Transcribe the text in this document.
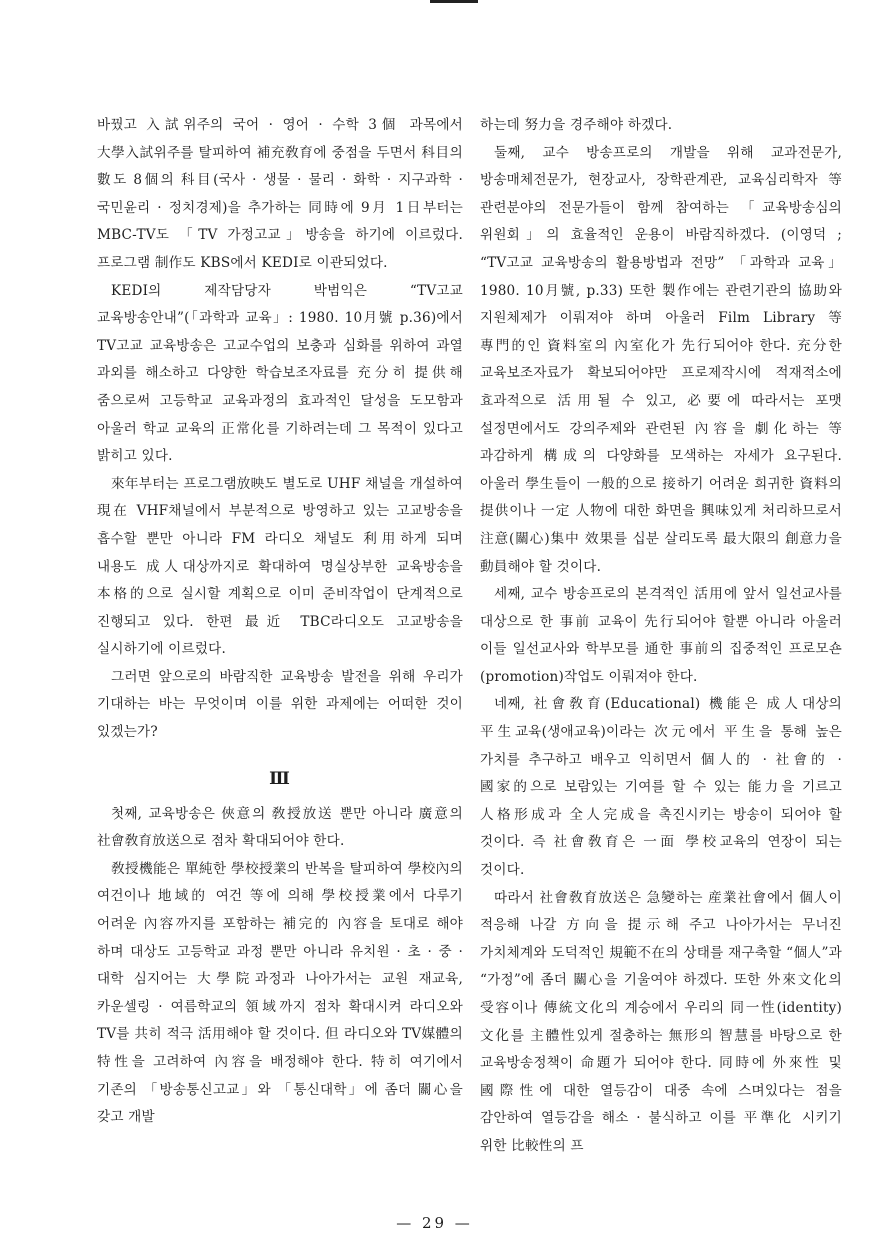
바꿨고 入試위주의 국어 · 영어 · 수학 3個 과목에서 大學入試위주를 탈피하여 補充敎育에 중점을 두면서 科目의 數도 8個의 科目(국사 · 생물 · 물리 · 화학 · 지구과학 · 국민윤리 · 정치경제)을 추가하는 同時에 9月 1日부터는 MBC-TV도 「TV 가정고교」방송을 하기에 이르렀다. 프로그램 制作도 KBS에서 KEDI로 이관되었다.

KEDI의 제작담당자 박범익은 “TV고교 교육방송안내”(「과학과 교육」: 1980. 10月號 p.36)에서 TV고교 교육방송은 고교수업의 보충과 심화를 위하여 과열 과외를 해소하고 다양한 학습보조자료를 充分히 提供해 줌으로써 고등학교 교육과정의 효과적인 달성을 도모함과 아울러 학교 교육의 正常化를 기하려는데 그 목적이 있다고 밝히고 있다.

來年부터는 프로그램放映도 별도로 UHF 채널을 개설하여 現在 VHF채널에서 부분적으로 방영하고 있는 고교방송을 흡수할 뿐만 아니라 FM 라디오 채널도 利用하게 되며 내용도 成人대상까지로 확대하여 명실상부한 교육방송을 本格的으로 실시할 계획으로 이미 준비작업이 단계적으로 진행되고 있다. 한편 最近 TBC라디오도 고교방송을 실시하기에 이르렀다.

그러면 앞으로의 바람직한 교육방송 발전을 위해 우리가 기대하는 바는 무엇이며 이를 위한 과제에는 어떠한 것이 있겠는가?

Ⅲ

첫째, 교육방송은 俠意의 敎授放送 뿐만 아니라 廣意의 社會敎育放送으로 점차 확대되어야 한다.

敎授機能은 單純한 學校授業의 반복을 탈피하여 學校內의 여건이나 地域的 여건 等에 의해 學校授業에서 다루기 어려운 內容까지를 포함하는 補完的 內容을 토대로 해야 하며 대상도 고등학교 과정 뿐만 아니라 유치원 · 초 · 중 · 대학 심지어는 大學院과정과 나아가서는 교원 재교육, 카운셀링 · 여름학교의 領域까지 점차 확대시켜 라디오와 TV를 共히 적극 活用해야 할 것이다. 但 라디오와 TV媒體의 特性을 고려하여 內容을 배정해야 한다. 特히 여기에서 기존의 「방송통신고교」와 「통신대학」에 좀더 關心을 갖고 개발

하는데 努力을 경주해야 하겠다.

둘째, 교수 방송프로의 개발을 위해 교과전문가, 방송매체전문가, 현장교사, 장학관계관, 교육심리학자 等 관련분야의 전문가들이 함께 참여하는 「교육방송심의 위원회」의 효율적인 운용이 바람직하겠다. (이영덕 ; “TV고교 교육방송의 활용방법과 전망” 「과학과 교육」 1980. 10月號, p.33) 또한 製作에는 관련기관의 協助와 지원체제가 이뤄져야 하며 아울러 Film Library 等 專門的인 資料室의 內室化가 先行되어야 한다. 充分한 교육보조자료가 확보되어야만 프로제작시에 적재적소에 효과적으로 活用될 수 있고, 必要에 따라서는 포맷 설정면에서도 강의주제와 관련된 內容을 劇化하는 等 과감하게 構成의 다양화를 모색하는 자세가 요구된다. 아울러 學生들이 一般的으로 接하기 어려운 희귀한 資料의 提供이나 一定 人物에 대한 화면을 興味있게 처리하므로서 注意(關心)集中 效果를 십분 살리도록 最大限의 創意力을 動員해야 할 것이다.

세째, 교수 방송프로의 본격적인 活用에 앞서 일선교사를 대상으로 한 事前 교육이 先行되어야 할뿐 아니라 아울러 이들 일선교사와 학부모를 通한 事前의 집중적인 프로모숀(promotion)작업도 이뤄져야 한다.

네째, 社會敎育(Educational) 機能은 成人대상의 平生교육(생애교육)이라는 次元에서 平生을 통해 높은 가치를 추구하고 배우고 익히면서 個人的 · 社會的 · 國家的으로 보람있는 기여를 할 수 있는 能力을 기르고 人格形成과 全人完成을 촉진시키는 방송이 되어야 할 것이다. 즉 社會敎育은 一面 學校교육의 연장이 되는 것이다.

따라서 社會敎育放送은 急變하는 産業社會에서 個人이 적응해 나갈 方向을 提示해 주고 나아가서는 무너진 가치체계와 도덕적인 規範不在의 상태를 재구축할 “個人”과 “가정”에 좀더 關心을 기울여야 하겠다. 또한 外來文化의 受容이나 傳統文化의 계승에서 우리의 同一性(identity) 文化를 主體性있게 절충하는 無形의 智慧를 바탕으로 한 교육방송정책이 命題가 되어야 한다. 同時에 外來性 및 國際性에 대한 열등감이 대중 속에 스며있다는 점을 감안하여 열등감을 해소 · 불식하고 이를 平準化 시키기 위한 比較性의 프

— 29 —
